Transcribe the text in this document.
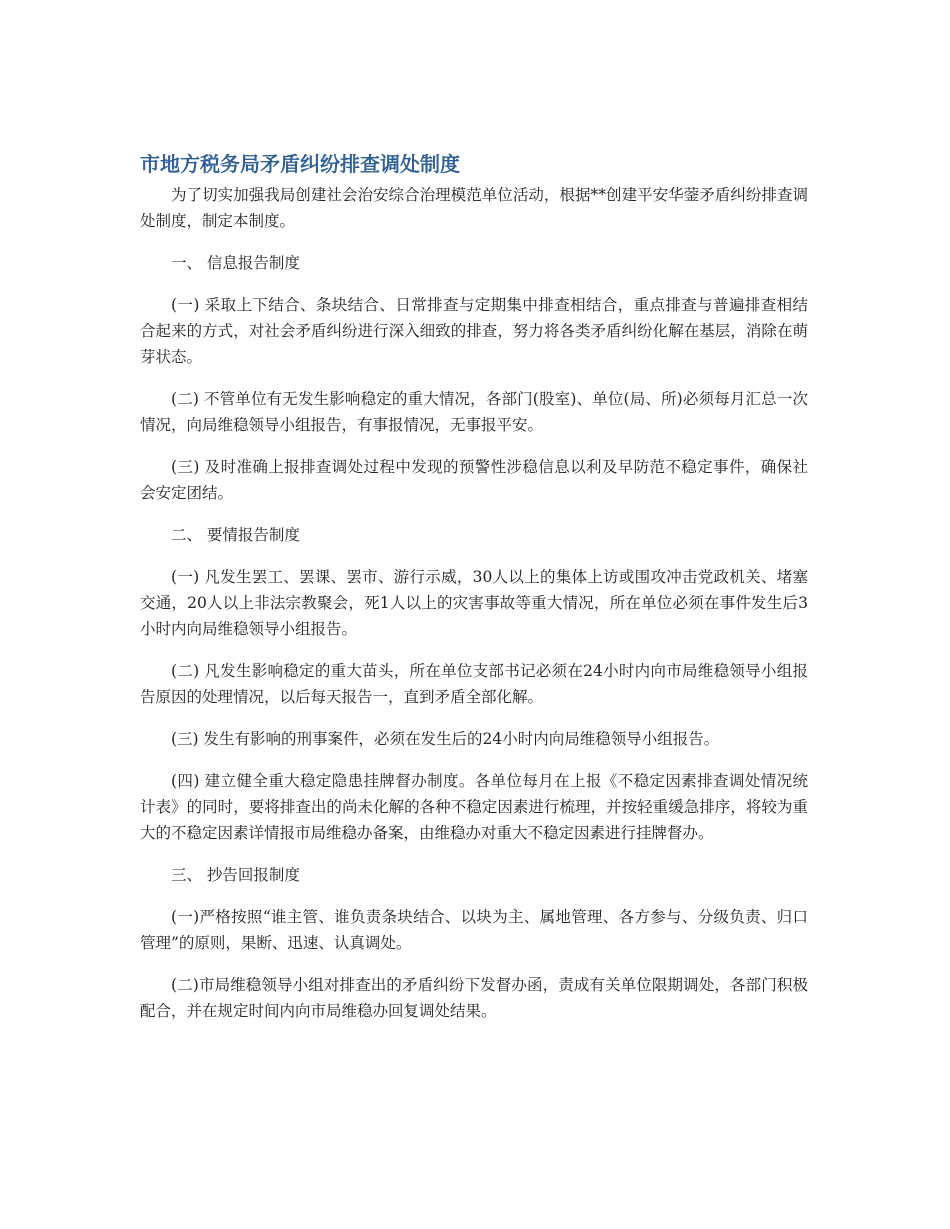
市地方税务局矛盾纠纷排查调处制度

为了切实加强我局创建社会治安综合治理模范单位活动，根据**创建平安华蓥矛盾纠纷排查调处制度，制定本制度。

一、 信息报告制度

(一) 采取上下结合、条块结合、日常排查与定期集中排查相结合，重点排查与普遍排查相结合起来的方式，对社会矛盾纠纷进行深入细致的排查，努力将各类矛盾纠纷化解在基层，消除在萌芽状态。

(二) 不管单位有无发生影响稳定的重大情况，各部门(股室)、单位(局、所)必须每月汇总一次情况，向局维稳领导小组报告，有事报情况，无事报平安。

(三) 及时准确上报排查调处过程中发现的预警性涉稳信息以利及早防范不稳定事件，确保社会安定团结。

二、 要情报告制度

(一) 凡发生罢工、罢课、罢市、游行示威，30人以上的集体上访或围攻冲击党政机关、堵塞交通，20人以上非法宗教聚会，死1人以上的灾害事故等重大情况，所在单位必须在事件发生后3小时内向局维稳领导小组报告。

(二) 凡发生影响稳定的重大苗头，所在单位支部书记必须在24小时内向市局维稳领导小组报告原因的处理情况，以后每天报告一，直到矛盾全部化解。

(三) 发生有影响的刑事案件，必须在发生后的24小时内向局维稳领导小组报告。

(四) 建立健全重大稳定隐患挂牌督办制度。各单位每月在上报《不稳定因素排查调处情况统计表》的同时，要将排查出的尚未化解的各种不稳定因素进行梳理，并按轻重缓急排序，将较为重大的不稳定因素详情报市局维稳办备案，由维稳办对重大不稳定因素进行挂牌督办。

三、 抄告回报制度

(一)严格按照“谁主管、谁负责条块结合、以块为主、属地管理、各方参与、分级负责、归口管理”的原则，果断、迅速、认真调处。

(二)市局维稳领导小组对排查出的矛盾纠纷下发督办函，责成有关单位限期调处，各部门积极配合，并在规定时间内向市局维稳办回复调处结果。
